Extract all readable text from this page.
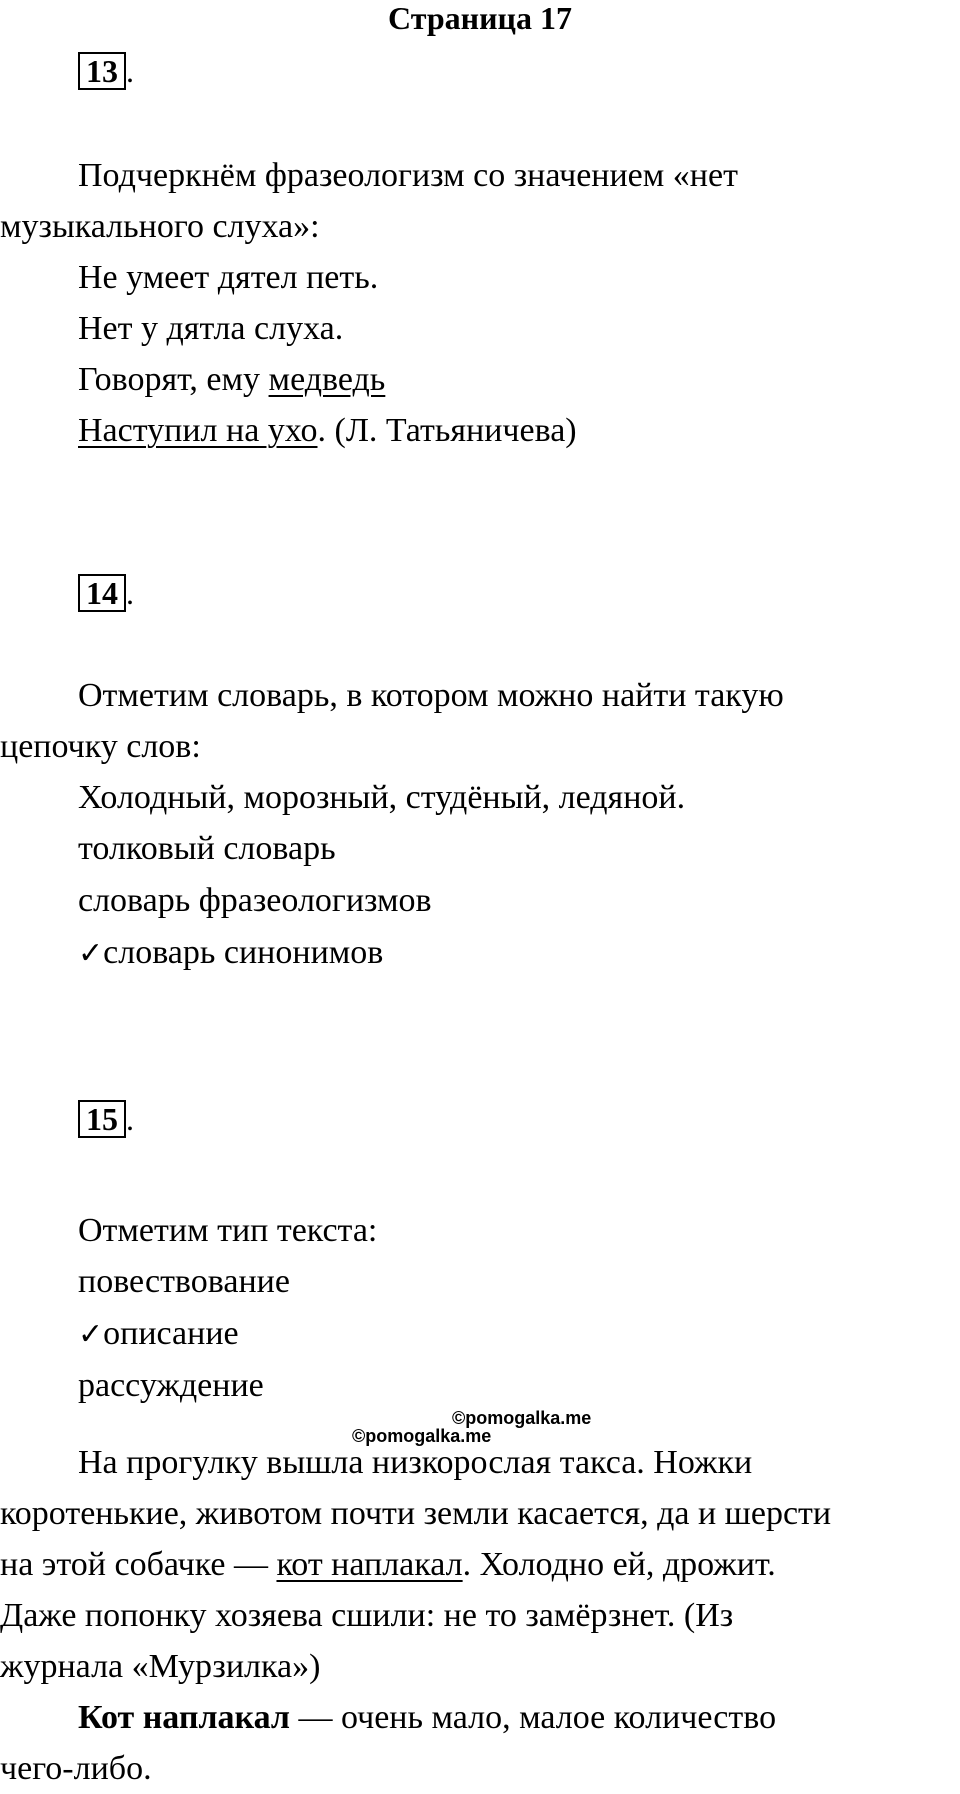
Страница 17
13 .
Подчеркнём фразеологизм со значением «нет
музыкального слуха»:
Не умеет дятел петь.
Нет у дятла слуха.
Говорят, ему медведь
Наступил на ухо. (Л. Татьяничева)
14 .
Отметим словарь, в котором можно найти такую
цепочку слов:
Холодный, морозный, студёный, ледяной.
толковый словарь
словарь фразеологизмов
✓словарь синонимов
15 .
Отметим тип текста:
повествование
✓описание
рассуждение
©pomogalka.me
©pomogalka.me
На прогулку вышла низкорослая такса. Ножки
коротенькие, животом почти земли касается, да и шерсти
на этой собачке — кот наплакал. Холодно ей, дрожит.
Даже попонку хозяева сшили: не то замёрзнет. (Из
журнала «Мурзилка»)
Кот наплакал — очень мало, малое количество
чего-либо.
